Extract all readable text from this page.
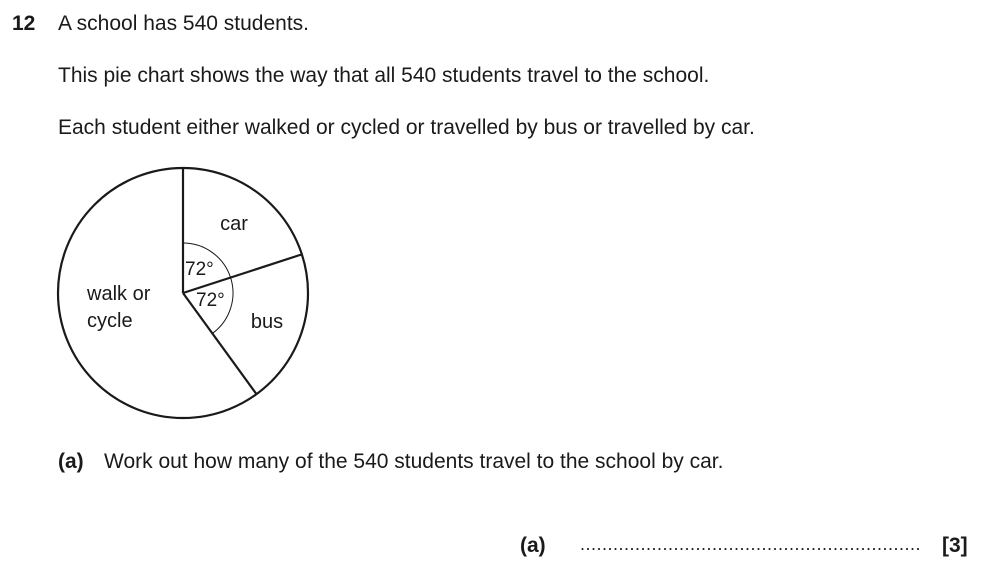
12 A school has 540 students.
This pie chart shows the way that all 540 students travel to the school.
Each student either walked or cycled or travelled by bus or travelled by car.
car
bus
walk or
cycle
72°
72°
(a) Work out how many of the 540 students travel to the school by car.
(a) .............................................................. [3]
